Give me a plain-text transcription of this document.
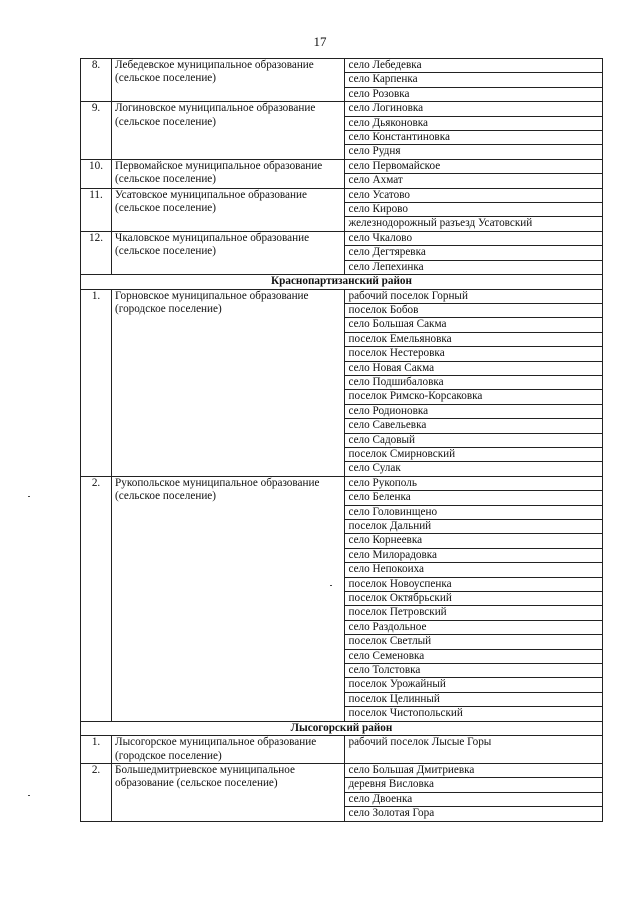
17
8.	Лебедевское муниципальное образование (сельское поселение)	село Лебедевка
		село Карпенка
		село Розовка
9.	Логиновское муниципальное образование (сельское поселение)	село Логиновка
		село Дьяконовка
		село Константиновка
		село Рудня
10.	Первомайское муниципальное образование (сельское поселение)	село Первомайское
		село Ахмат
11.	Усатовское муниципальное образование (сельское поселение)	село Усатово
		село Кирово
		железнодорожный разъезд Усатовский
12.	Чкаловское муниципальное образование (сельское поселение)	село Чкалово
		село Дегтяревка
		село Лепехинка
Краснопартизанский район		
1.	Горновское муниципальное образование (городское поселение)	рабочий поселок Горный
		поселок Бобов
		село Большая Сакма
		поселок Емельяновка
		поселок Нестеровка
		село Новая Сакма
		село Подшибаловка
		поселок Римско-Корсаковка
		село Родионовка
		село Савельевка
		село Садовый
		поселок Смирновский
		село Сулак
2.	Рукопольское муниципальное образование (сельское поселение)	село Рукополь
		село Беленка
		село Головинщено
		поселок Дальний
		село Корнеевка
		село Милорадовка
		село Непокоиха
		поселок Новоуспенка
		поселок Октябрьский
		поселок Петровский
		село Раздольное
		поселок Светлый
		село Семеновка
		село Толстовка
		поселок Урожайный
		поселок Целинный
		поселок Чистопольский
Лысогорский район		
1.	Лысогорское муниципальное образование (городское поселение)	рабочий поселок Лысые Горы
2.	Большедмитриевское муниципальное образование (сельское поселение)	село Большая Дмитриевка
		деревня Висловка
		село Двоенка
		село Золотая Гора
